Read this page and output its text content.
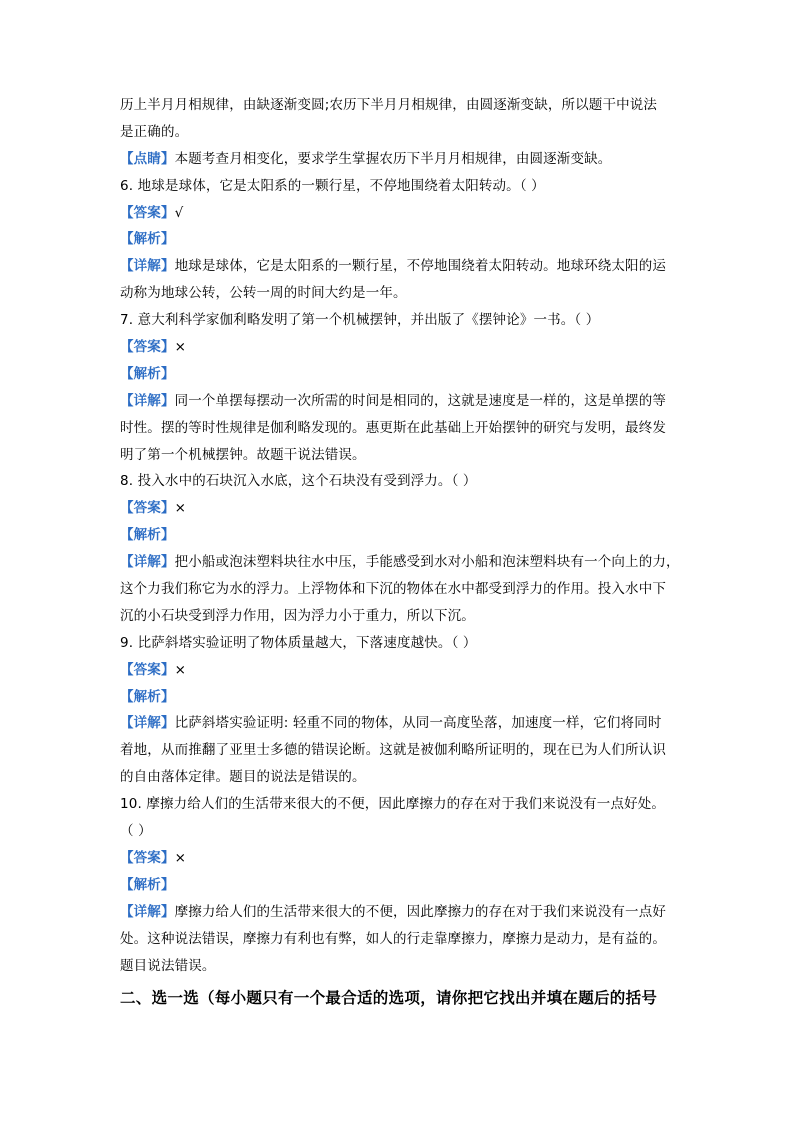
历上半月月相规律，由缺逐渐变圆;农历下半月月相规律，由圆逐渐变缺，所以题干中说法
是正确的。
【点睛】本题考查月相变化，要求学生掌握农历下半月月相规律，由圆逐渐变缺。
6. 地球是球体，它是太阳系的一颗行星，不停地围绕着太阳转动。（ ）
【答案】√
【解析】
【详解】地球是球体，它是太阳系的一颗行星，不停地围绕着太阳转动。地球环绕太阳的运
动称为地球公转，公转一周的时间大约是一年。
7. 意大利科学家伽利略发明了第一个机械摆钟，并出版了《摆钟论》一书。（ ）
【答案】×
【解析】
【详解】同一个单摆每摆动一次所需的时间是相同的，这就是速度是一样的，这是单摆的等
时性。摆的等时性规律是伽利略发现的。惠更斯在此基础上开始摆钟的研究与发明，最终发
明了第一个机械摆钟。故题干说法错误。
8. 投入水中的石块沉入水底，这个石块没有受到浮力。（ ）
【答案】×
【解析】
【详解】把小船或泡沫塑料块往水中压，手能感受到水对小船和泡沫塑料块有一个向上的力，
这个力我们称它为水的浮力。上浮物体和下沉的物体在水中都受到浮力的作用。投入水中下
沉的小石块受到浮力作用，因为浮力小于重力，所以下沉。
9. 比萨斜塔实验证明了物体质量越大，下落速度越快。（ ）
【答案】×
【解析】
【详解】比萨斜塔实验证明: 轻重不同的物体，从同一高度坠落，加速度一样，它们将同时
着地，从而推翻了亚里士多德的错误论断。这就是被伽利略所证明的，现在已为人们所认识
的自由落体定律。题目的说法是错误的。
10. 摩擦力给人们的生活带来很大的不便，因此摩擦力的存在对于我们来说没有一点好处。
（ ）
【答案】×
【解析】
【详解】摩擦力给人们的生活带来很大的不便，因此摩擦力的存在对于我们来说没有一点好
处。这种说法错误，摩擦力有利也有弊，如人的行走靠摩擦力，摩擦力是动力，是有益的。
题目说法错误。
二、选一选（每小题只有一个最合适的选项，请你把它找出并填在题后的括号
